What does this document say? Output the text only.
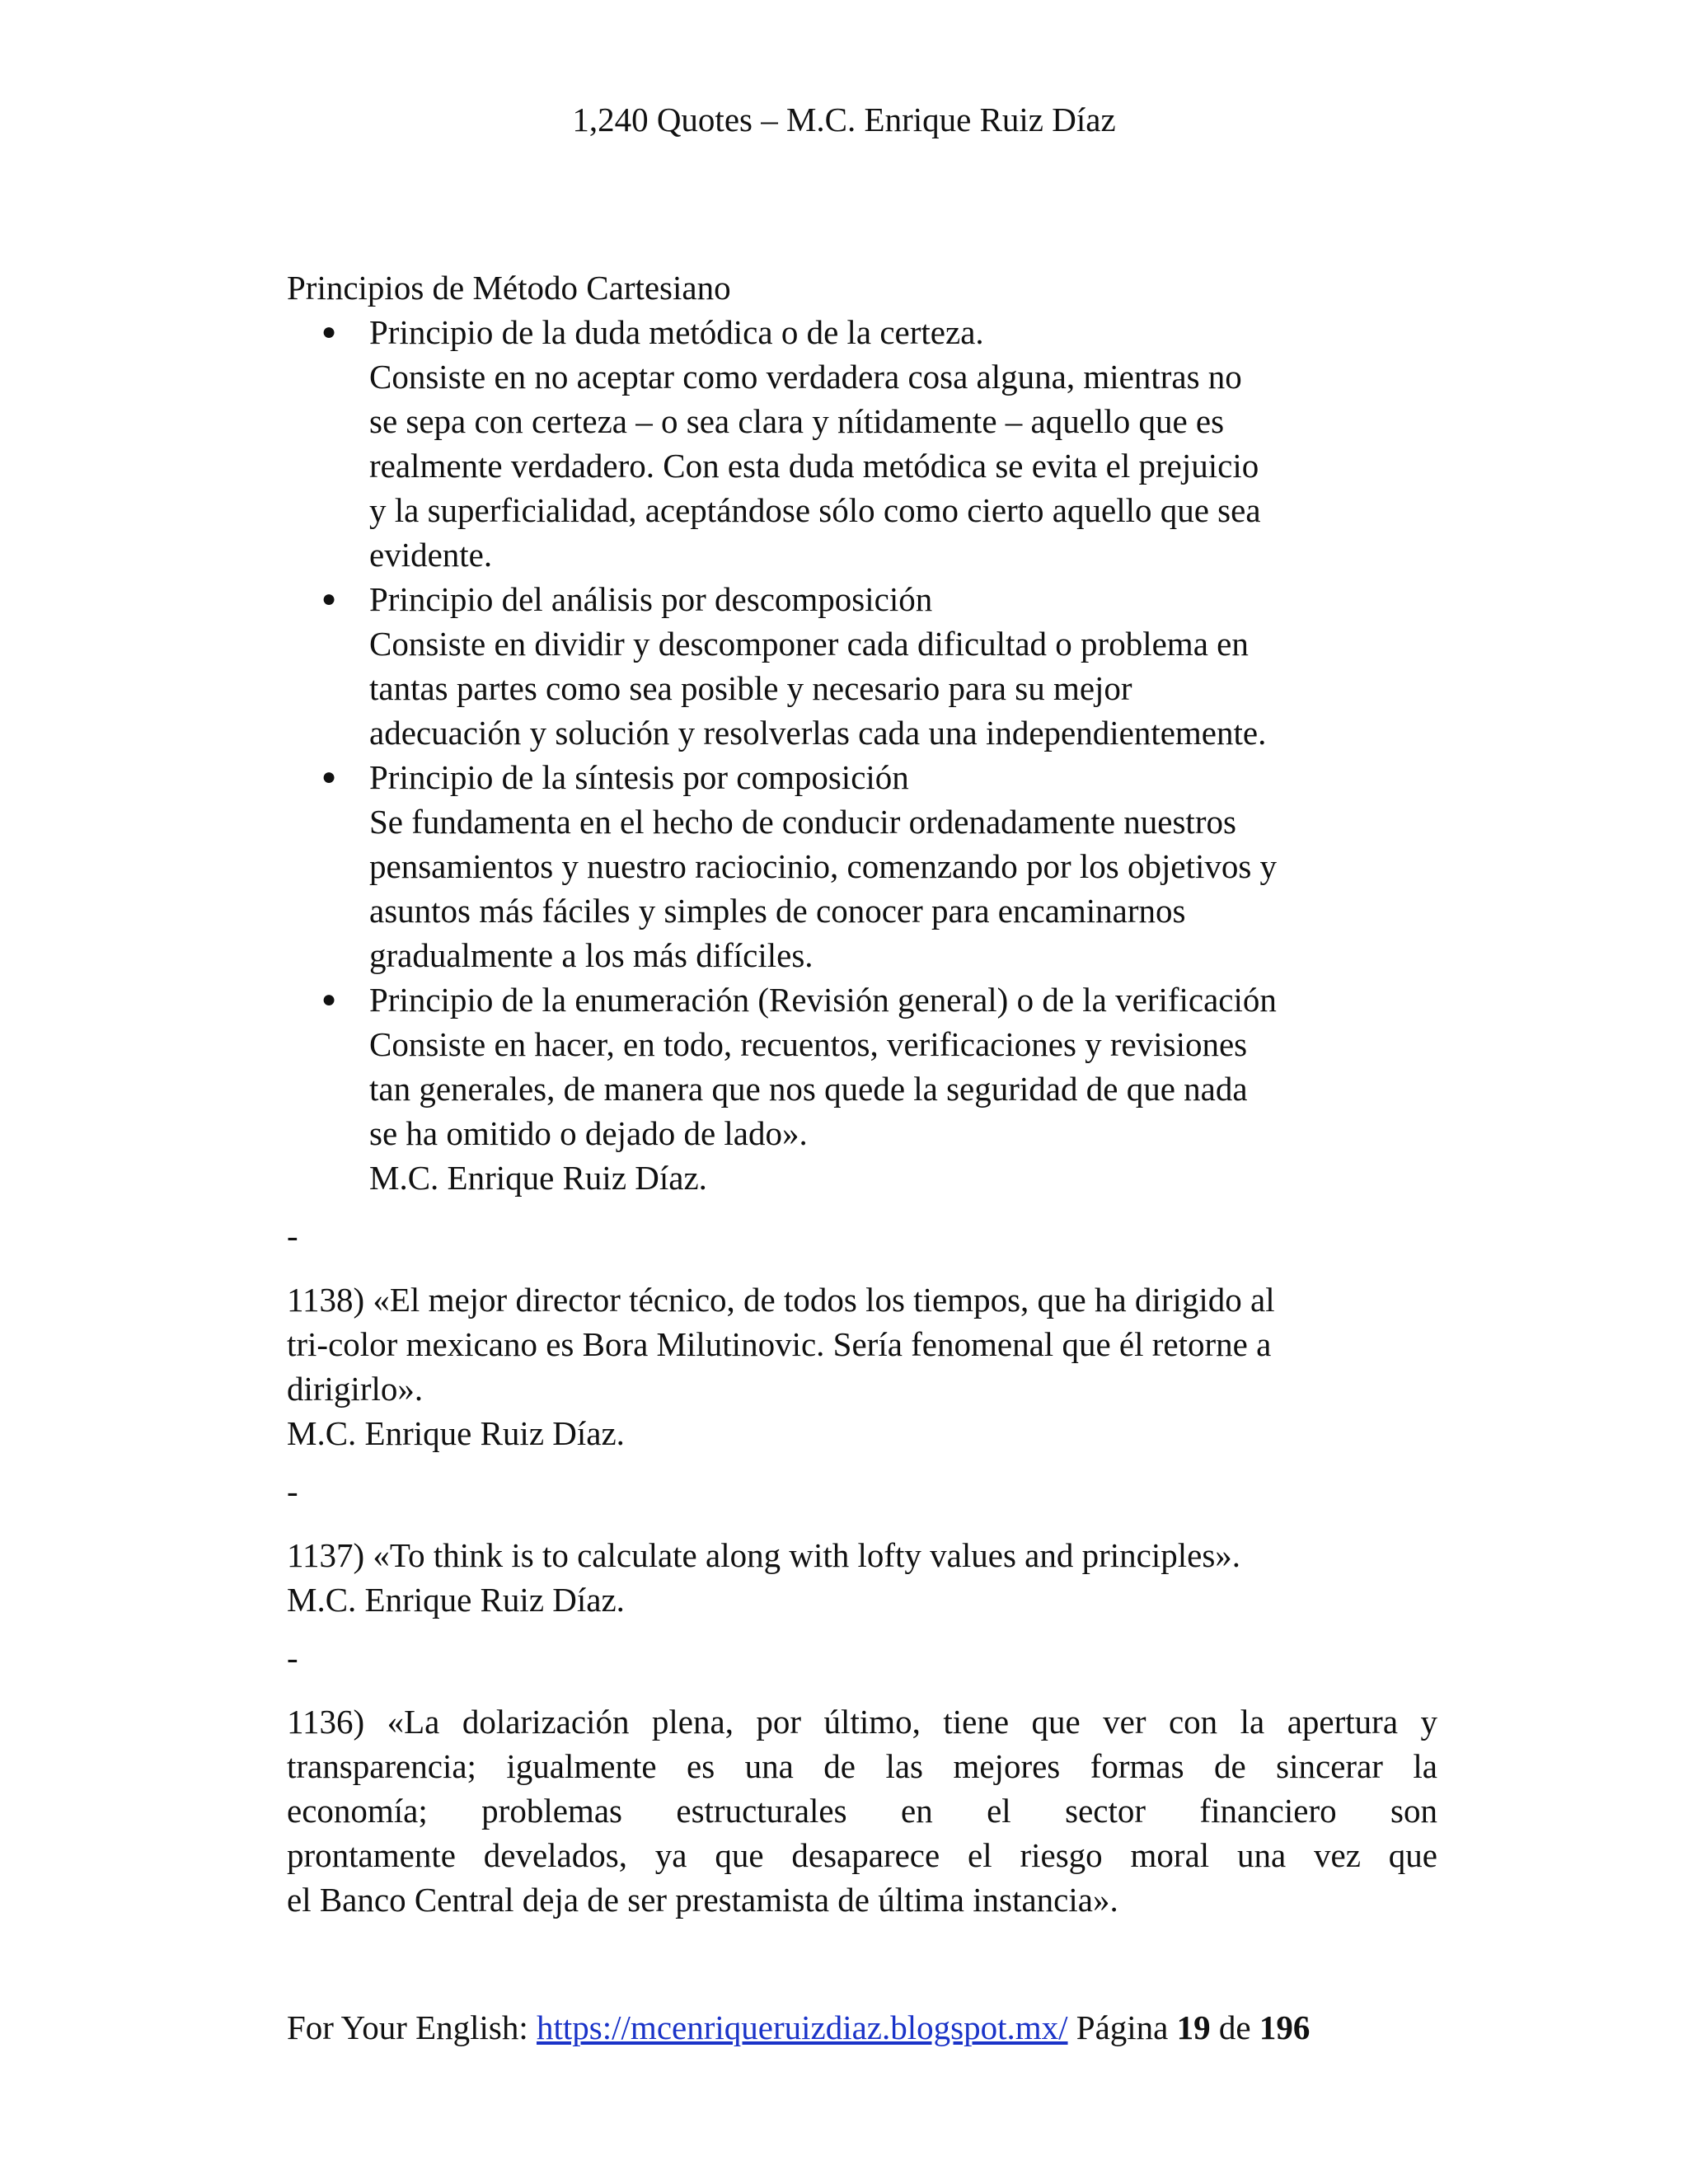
1,240 Quotes – M.C. Enrique Ruiz Díaz

Principios de Método Cartesiano

● Principio de la duda metódica o de la certeza.
Consiste en no aceptar como verdadera cosa alguna, mientras no
se sepa con certeza – o sea clara y nítidamente – aquello que es
realmente verdadero. Con esta duda metódica se evita el prejuicio
y la superficialidad, aceptándose sólo como cierto aquello que sea
evidente.
● Principio del análisis por descomposición
Consiste en dividir y descomponer cada dificultad o problema en
tantas partes como sea posible y necesario para su mejor
adecuación y solución y resolverlas cada una independientemente.
● Principio de la síntesis por composición
Se fundamenta en el hecho de conducir ordenadamente nuestros
pensamientos y nuestro raciocinio, comenzando por los objetivos y
asuntos más fáciles y simples de conocer para encaminarnos
gradualmente a los más difíciles.
● Principio de la enumeración (Revisión general) o de la verificación
Consiste en hacer, en todo, recuentos, verificaciones y revisiones
tan generales, de manera que nos quede la seguridad de que nada
se ha omitido o dejado de lado».
M.C. Enrique Ruiz Díaz.
-
1138) «El mejor director técnico, de todos los tiempos, que ha dirigido al
tri-color mexicano es Bora Milutinovic. Sería fenomenal que él retorne a
dirigirlo».
M.C. Enrique Ruiz Díaz.
-
1137) «To think is to calculate along with lofty values and principles».
M.C. Enrique Ruiz Díaz.
-
1136) «La dolarización plena, por último, tiene que ver con la apertura y
transparencia; igualmente es una de las mejores formas de sincerar la
economía; problemas estructurales en el sector financiero son
prontamente develados, ya que desaparece el riesgo moral una vez que
el Banco Central deja de ser prestamista de última instancia».
For Your English: https://mcenriqueruizdiaz.blogspot.mx/ Página 19 de 196
